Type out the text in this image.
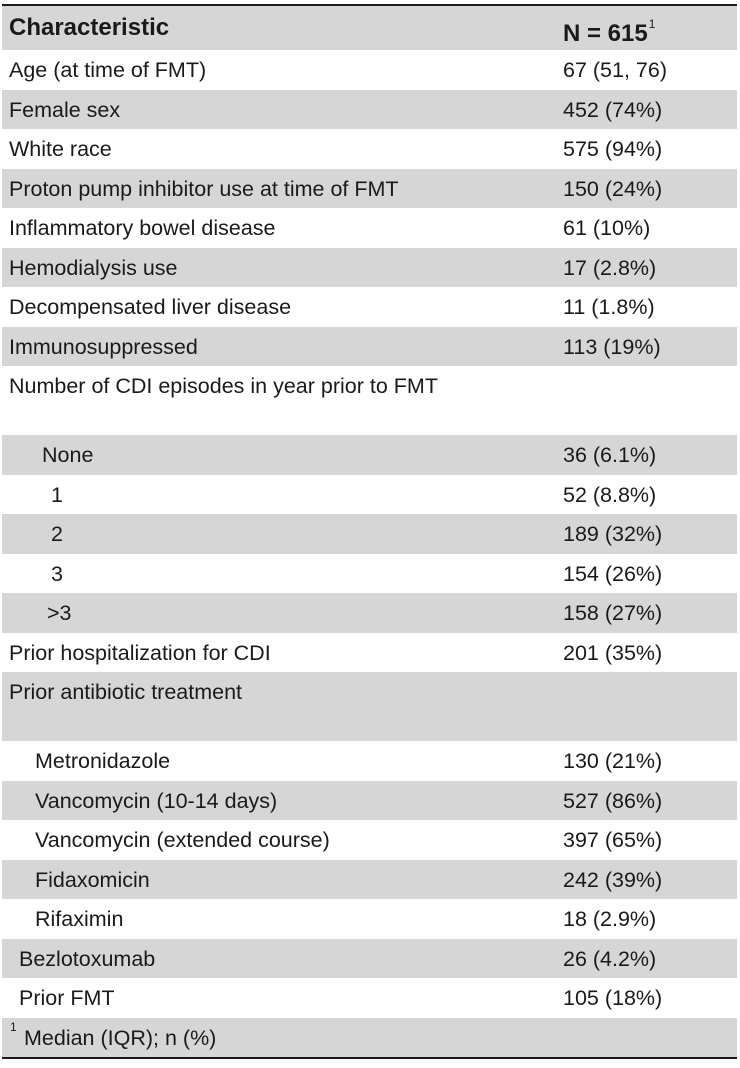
Characteristic	$N = 615^1$
Age (at time of FMT)	67 (51, 76)
Female sex	452 (74%)
White race	575 (94%)
Proton pump inhibitor use at time of FMT	150 (24%)
Inflammatory bowel disease	61 (10%)
Hemodialysis use	17 (2.8%)
Decompensated liver disease	11 (1.8%)
Immunosuppressed	113 (19%)
Number of CDI episodes in year prior to FMT
None	36 (6.1%)
1	52 (8.8%)
2	189 (32%)
3	154 (26%)
>3	158 (27%)
Prior hospitalization for CDI	201 (35%)
Prior antibiotic treatment
Metronidazole	130 (21%)
Vancomycin (10-14 days)	527 (86%)
Vancomycin (extended course)	397 (65%)
Fidaxomicin	242 (39%)
Rifaximin	18 (2.9%)
Bezlotoxumab	26 (4.2%)
Prior FMT	105 (18%)
1 Median (IQR); n (%)
